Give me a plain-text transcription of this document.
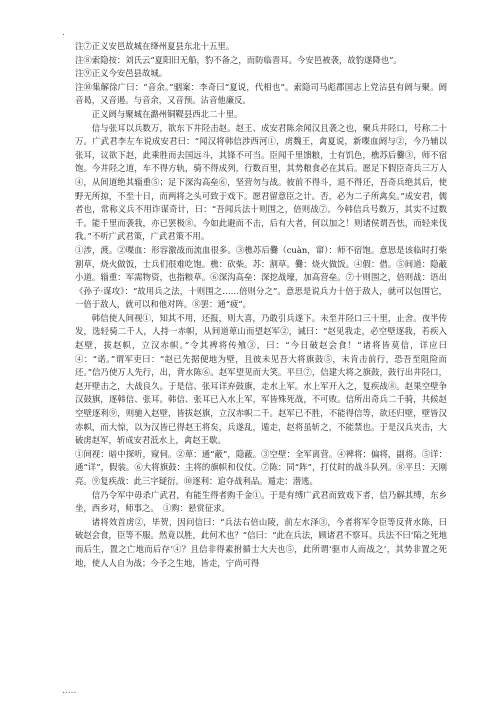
.

注⑦正义安邑故城在绛州夏县东北十五里。

注⑧索隐按：刘氏云“夏阳旧无船，豹不备之，而防临晋耳。今安邑被袭，故豹遂降也”。

注⑨正义今安邑县故城。

注⑩集解徐广曰：“音余。”骃案：李奇曰“夏说，代相也”。索隐司马彪郡国志上党沾县有阏与聚。阏音曷，又音遏。与音余，又音预。沾音他廉反。

正义阏与聚城在潞州铜鞮县西北二十里。

信与张耳以兵数万，欲东下井陉击赵。赵王、成安君陈余闻汉且袭之也，聚兵井陉口，号称二十万。广武君李左车说成安君曰：“闻汉将韩信涉西河①，虏魏王，禽夏说，新喋血阏与②，今乃辅以张耳，议欲下赵，此乘胜而去国远斗，其锋不可当。臣闻千里馈粮，士有饥色，樵苏后爨③，师不宿饱。今井陉之道，车不得方轨，骑不得成列，行数百里，其势粮食必在其后。愿足下假臣奇兵三万人④，从间道绝其辎重⑤；足下深沟高垒⑥，坚营勿与战。彼前不得斗，退不得还，吾奇兵绝其后，使野无所掠，不至十日，而两将之头可致于戏下。愿君留意臣之计。否，必为二子所禽矣。”成安君，儒者也，常称义兵不用诈谋奇计，曰：“吾闻兵法十则围之，倍则战⑦。今韩信兵号数万，其实不过数千。能千里而袭我，亦已罢极⑧。今如此避而不击，后有大者，何以加之！则诸侯谓吾怯，而轻来伐我。”不听广武君策，广武君策不用。

①涉，渡。②喋血：形容激战而流血很多。③樵苏后爨（cuàn，窜）：师不宿饱。意思是该临时打柴割草，烧火做饭，士兵们很难吃饱。樵：砍柴。苏：割草。爨：烧火做饭。④假：借。⑤间道：隐蔽小道。辎重：军需物资，也指粮草。⑥深沟高垒：深挖战壕，加高营垒。⑦十则围之，倍则战：语出《孙子·谋攻》：“故用兵之法，十则围之……倍则分之”。意思是说兵力十倍于敌人，就可以包围它，一倍于敌人，就可以和他对阵。⑧罢：通“疲”。

韩信使人间视①，知其不用，还报，则大喜，乃敢引兵遂下。未至井陉口三十里，止舍。夜半传发，选轻骑二千人，人持一赤帜，从间道萆山而望赵军②，诫曰：“赵见我走，必空壁逐我，若疾入赵壁，拔赵帜，立汉赤帜。”令其裨将传飧③，曰：“今日破赵会食！”诸将皆莫信，详应曰④：“诺。”谓军吏曰：“赵已先据便地为壁，且彼未见吾大将旗鼓⑤，未肯击前行，恐吾至阻险而还。”信乃使万人先行，出，背水陈⑥。赵军望见而大笑。平旦⑦，信建大将之旗鼓，鼓行出井陉口，赵开壁击之，大战良久。于是信、张耳详弃鼓旗，走水上军。水上军开入之，复疾战⑧。赵果空壁争汉鼓旗，逐韩信、张耳。韩信、张耳已入水上军，军皆殊死战，不可败。信所出奇兵二千骑，共候赵空壁逐利⑨，则驰入赵壁，皆拔赵旗，立汉赤帜二千。赵军已不胜，不能得信等，欲还归壁，壁皆汉赤帜，而大惊，以为汉皆已得赵王将矣，兵遂乱，遁走，赵将虽斩之，不能禁也。于是汉兵夹击，大破虏赵军，斩成安君泜水上，禽赵王歇。

①间视：暗中探听，窥伺。②萆：通“蔽”，隐蔽。③空壁：全军离营。④裨将：偏将，副将。⑤详：通“详”，假装。⑥大将旗鼓：主将的旗帜和仪仗。⑦陈：同“阵”，打仗时的战斗队列。⑧平旦：天刚亮。⑨复疾战：此三字疑衍。⑩逐利：追夺战利品。遁走：潜逃。

信乃令军中毋杀广武君，有能生得者购千金①。于是有缚广武君而致戏下者，信乃解其缚，东乡坐，西乡对，师事之。　①购：悬赏征求。

诸将效首虏②，毕贺，因问信曰：“兵法右倍山陵，前左水泽③，今者将军令臣等反背水陈，曰破赵会食，臣等不服。然竟以胜，此何术也？”信曰：“此在兵法，顾诸君不察耳。兵法不曰‘陷之死地而后生，置之亡地而后存’④？且信非得素拊循士大夫也⑤，此所谓‘驱市人而战之’，其势非置之死地，使人人自为战；今予之生地，皆走，宁尚可得

.....
